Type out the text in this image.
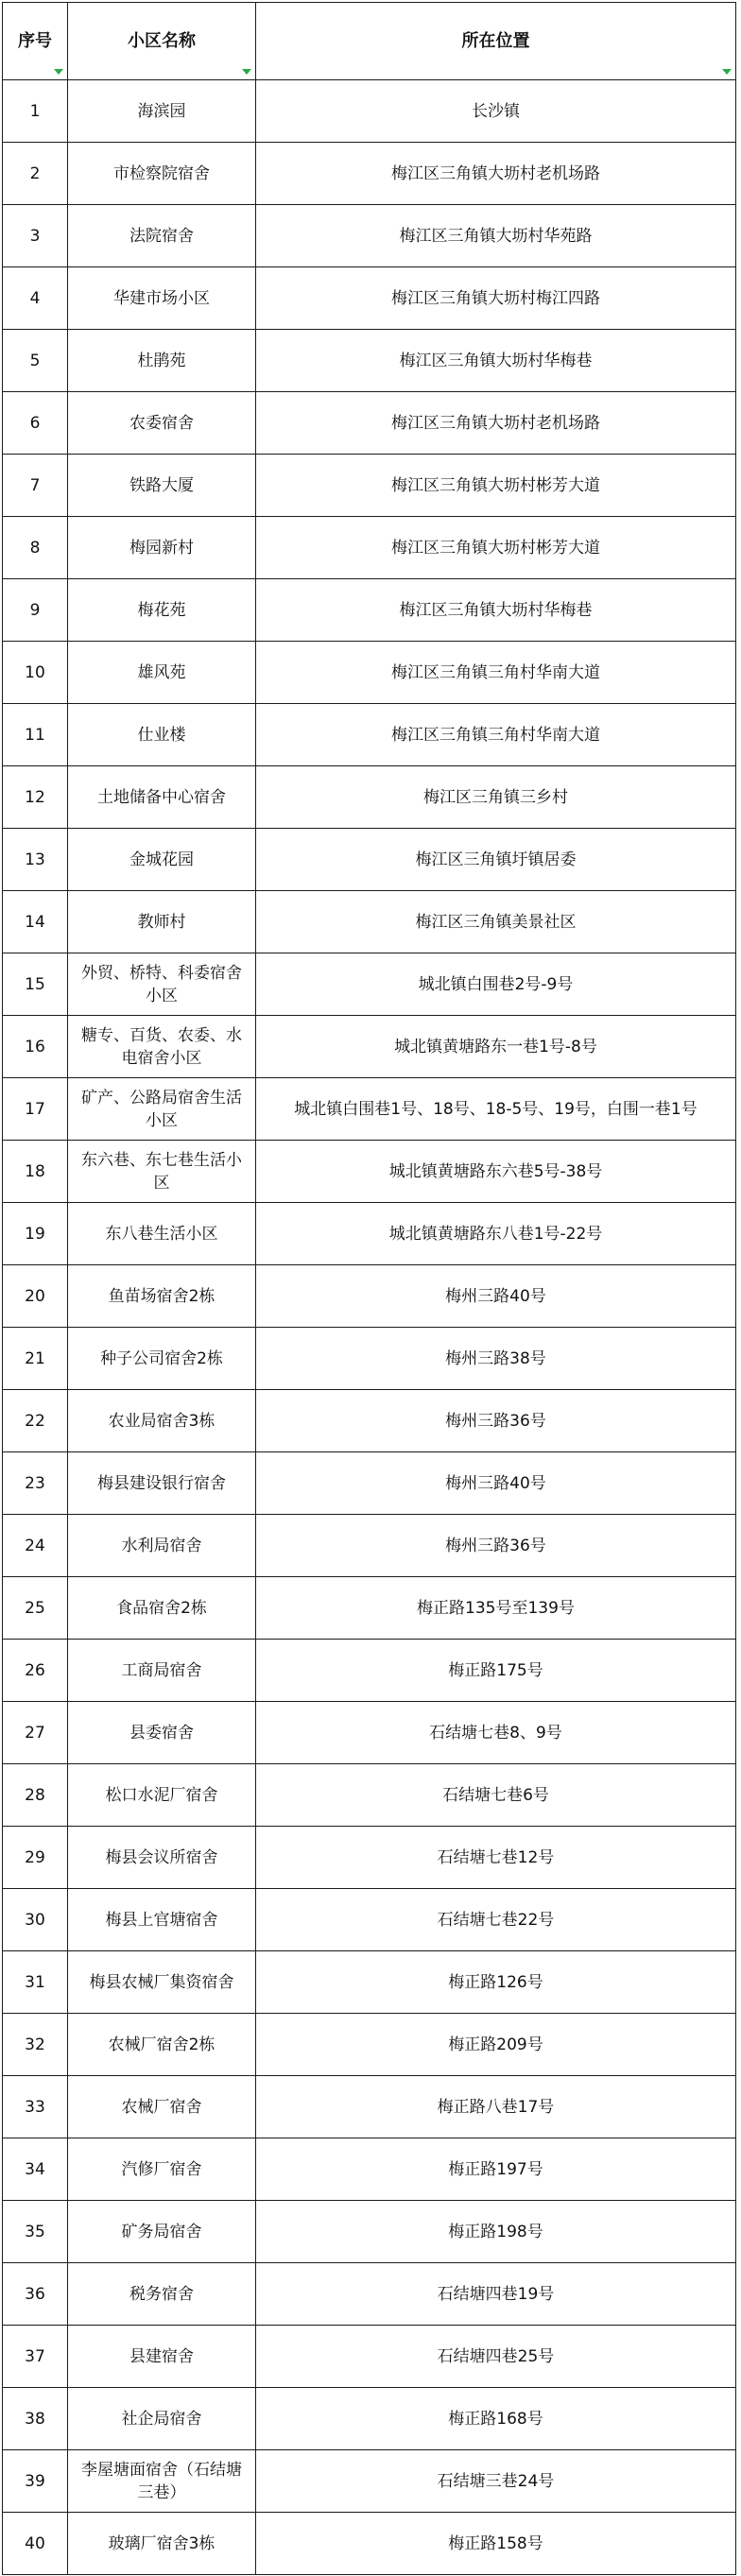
序号	小区名称	所在位置

1	海滨园	长沙镇
2	市检察院宿舍	梅江区三角镇大坜村老机场路
3	法院宿舍	梅江区三角镇大坜村华苑路
4	华建市场小区	梅江区三角镇大坜村梅江四路
5	杜鹃苑	梅江区三角镇大坜村华梅巷
6	农委宿舍	梅江区三角镇大坜村老机场路
7	铁路大厦	梅江区三角镇大坜村彬芳大道
8	梅园新村	梅江区三角镇大坜村彬芳大道
9	梅花苑	梅江区三角镇大坜村华梅巷
10	雄风苑	梅江区三角镇三角村华南大道
11	仕业楼	梅江区三角镇三角村华南大道
12	土地储备中心宿舍	梅江区三角镇三乡村
13	金城花园	梅江区三角镇圩镇居委
14	教师村	梅江区三角镇美景社区
15	外贸、桥特、科委宿舍小区	城北镇白围巷2号-9号
16	糖专、百货、农委、水电宿舍小区	城北镇黄塘路东一巷1号-8号
17	矿产、公路局宿舍生活小区	城北镇白围巷1号、18号、18-5号、19号，白围一巷1号
18	东六巷、东七巷生活小区	城北镇黄塘路东六巷5号-38号
19	东八巷生活小区	城北镇黄塘路东八巷1号-22号
20	鱼苗场宿舍2栋	梅州三路40号
21	种子公司宿舍2栋	梅州三路38号
22	农业局宿舍3栋	梅州三路36号
23	梅县建设银行宿舍	梅州三路40号
24	水利局宿舍	梅州三路36号
25	食品宿舍2栋	梅正路135号至139号
26	工商局宿舍	梅正路175号
27	县委宿舍	石结塘七巷8、9号
28	松口水泥厂宿舍	石结塘七巷6号
29	梅县会议所宿舍	石结塘七巷12号
30	梅县上官塘宿舍	石结塘七巷22号
31	梅县农械厂集资宿舍	梅正路126号
32	农械厂宿舍2栋	梅正路209号
33	农械厂宿舍	梅正路八巷17号
34	汽修厂宿舍	梅正路197号
35	矿务局宿舍	梅正路198号
36	税务宿舍	石结塘四巷19号
37	县建宿舍	石结塘四巷25号
38	社企局宿舍	梅正路168号
39	李屋塘面宿舍（石结塘三巷）	石结塘三巷24号
40	玻璃厂宿舍3栋	梅正路158号
